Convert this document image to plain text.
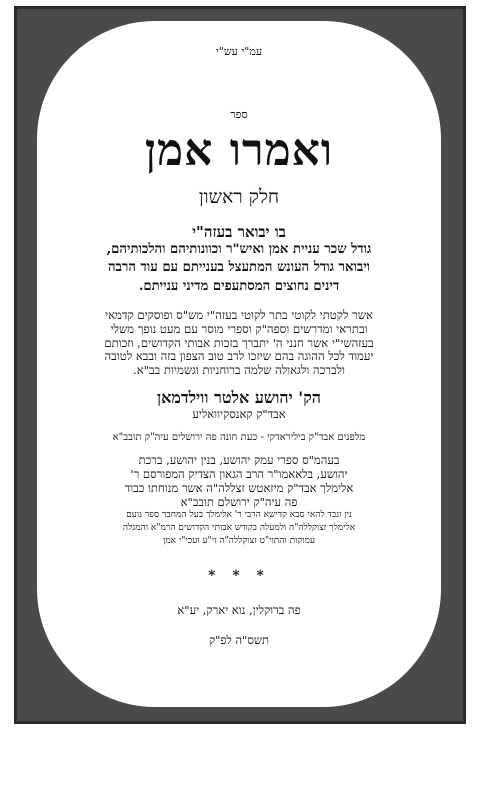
עמ"י עש"י
ספר
ואמרו אמן
חלק ראשון
בו יבואר בעזה"י
גודל שכר עניית אמן ואיש"ר וכוונותיהם והלכותיהם,
ויבואר גודל העונש המתעצל בענייתם עם עוד הרבה
דינים נחוצים המסתעפים מדיני ענייתם.
אשר לקטתי לקוטי בתר לקוטי בעזה"י מש"ס ופוסקים קדמאי
ובתראי ומדרשים וספה"ק וספרי מוסר עם מעט נופך משלי
בעזהשי"י אשר חנני ה' יתברך בזכות אבותי הקדושים, וזכותם
יעמוד לכל ההוגה בהם שיזכו לרב טוב הצפון בזה ובבא לטובה
ולברכה ולגאולה שלמה ברוחניות וגשמיות בב"א.
הק' יהושע אלטר ווילדמאן
אבד"ק קאנסקיוואליע
מלפנים אבד"ק ביליראדקי - כעת חונה פה ירושלים עיה"ק תובב"א
בעהמ"ס ספרי עמק יהושע, בנין יהושע, ברכת
יהושע, בלאאמו"ר הרב הגאון הצדיק המפורסם ר'
אלימלך אבד"ק מיזאטש זצללה"ה אשר מנוחתו כבוד
פה עיה"ק ירושלם תובב"א
נין ונכד להאי סבא קדישא הרבי ר' אלימלך בעל המחבר ספר נועם
אלימלך זצוקללה"ה ולמעלה בקודש אבותי הקדושים הרמ"א והמגלה
עמוקות והתוי"ט זצוקללה"ה זי"ע ועכי"י אמן
* * *
פה ברוקלין, נוא יארק, יע"א
תשס"ה לפ"ק
